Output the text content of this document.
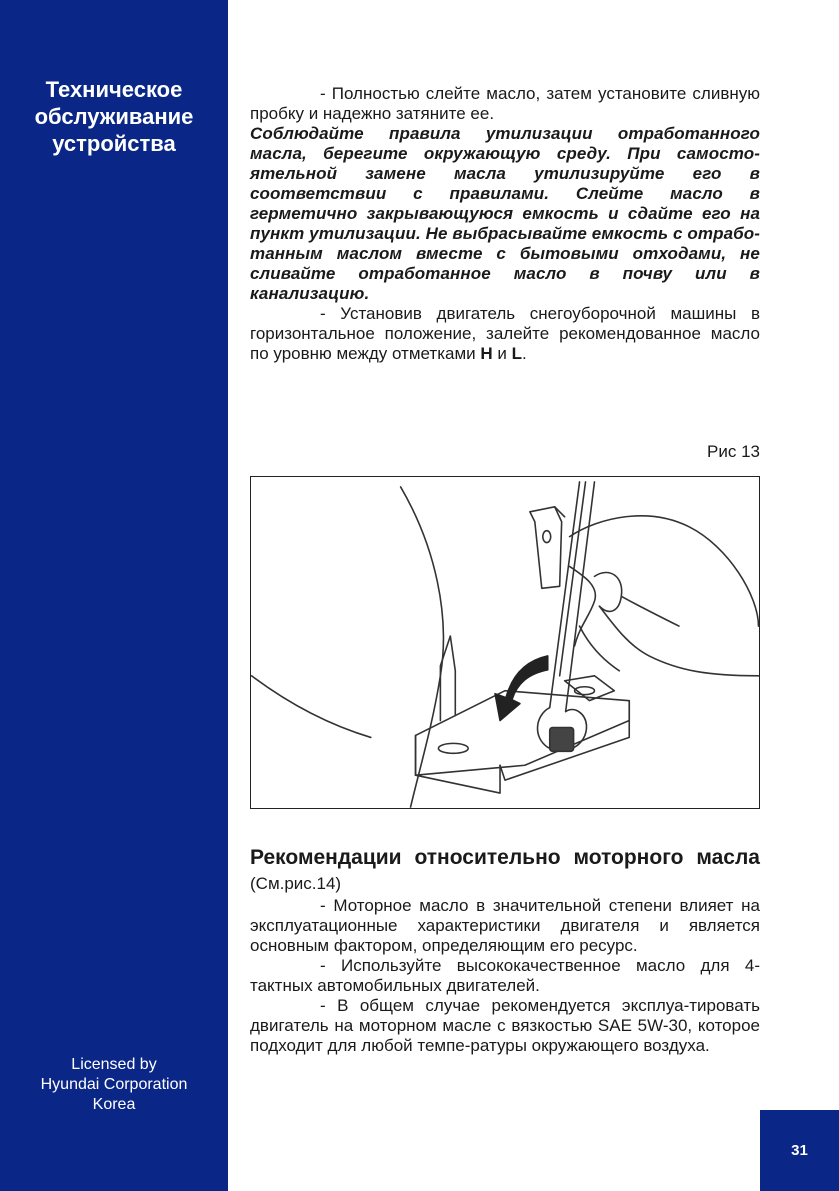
Техническое
обслуживание
устройства
Licensed by
Hyundai Corporation
Korea
31

- Полностью слейте масло, затем установите сливную пробку и надежно затяните ее.

Соблюдайте правила утилизации отработанного масла, берегите окружающую среду. При самосто-ятельной замене масла утилизируйте его в соответствии с правилами. Слейте масло в герметично закрывающуюся емкость и сдайте его на пункт утилизации. Не выбрасывайте емкость с отрабо-танным маслом вместе с бытовыми отходами, не сливайте отработанное масло в почву или в канализацию.

- Установив двигатель снегоуборочной машины в горизонтальное положение, залейте рекомендованное масло по уровню между отметками H и L.

Рис 13

Рекомендации относительно моторного масла (См.рис.14)

- Моторное масло в значительной степени влияет на эксплуатационные характеристики двигателя и является основным фактором, определяющим его ресурс.

- Используйте высококачественное масло для 4-тактных автомобильных двигателей.

- В общем случае рекомендуется эксплуа-тировать двигатель на моторном масле с вязкостью SAE 5W-30, которое подходит для любой темпе-ратуры окружающего воздуха.
